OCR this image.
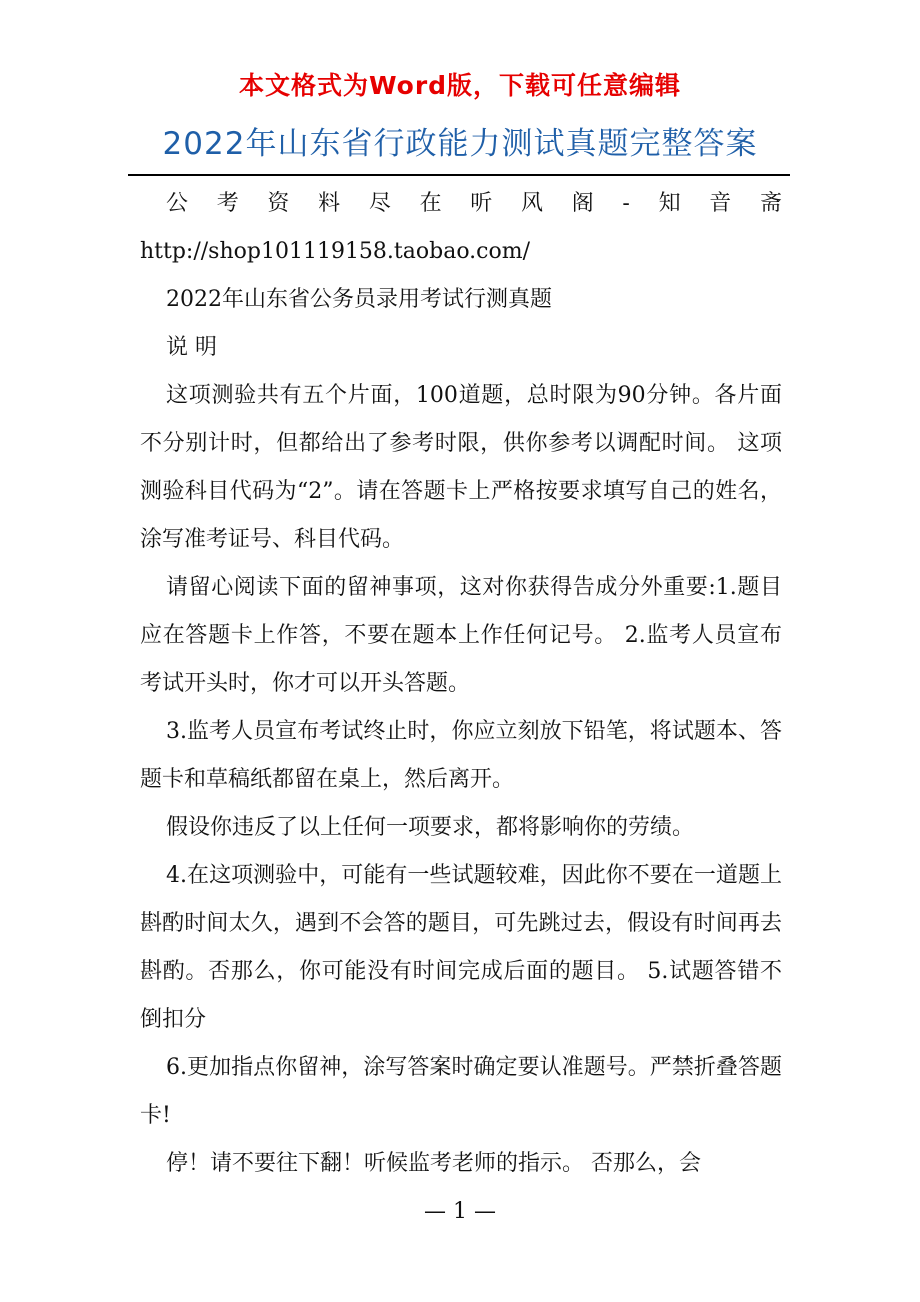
本文格式为Word版，下载可任意编辑
2022年山东省行政能力测试真题完整答案

公考资料尽在听风阁-知音斋

http://shop101119158.taobao.com/

2022年山东省公务员录用考试行测真题

说 明

这项测验共有五个片面，100道题，总时限为90分钟。各片面不分别计时，但都给出了参考时限，供你参考以调配时间。 这项测验科目代码为“2”。请在答题卡上严格按要求填写自己的姓名，涂写准考证号、科目代码。

请留心阅读下面的留神事项，这对你获得告成分外重要:1.题目应在答题卡上作答，不要在题本上作任何记号。 2.监考人员宣布考试开头时，你才可以开头答题。

3.监考人员宣布考试终止时，你应立刻放下铅笔，将试题本、答题卡和草稿纸都留在桌上，然后离开。

假设你违反了以上任何一项要求，都将影响你的劳绩。

4.在这项测验中，可能有一些试题较难，因此你不要在一道题上斟酌时间太久，遇到不会答的题目，可先跳过去，假设有时间再去斟酌。否那么，你可能没有时间完成后面的题目。 5.试题答错不倒扣分

6.更加指点你留神，涂写答案时确定要认准题号。严禁折叠答题卡!

停！请不要往下翻！听候监考老师的指示。 否那么，会

— 1 —
